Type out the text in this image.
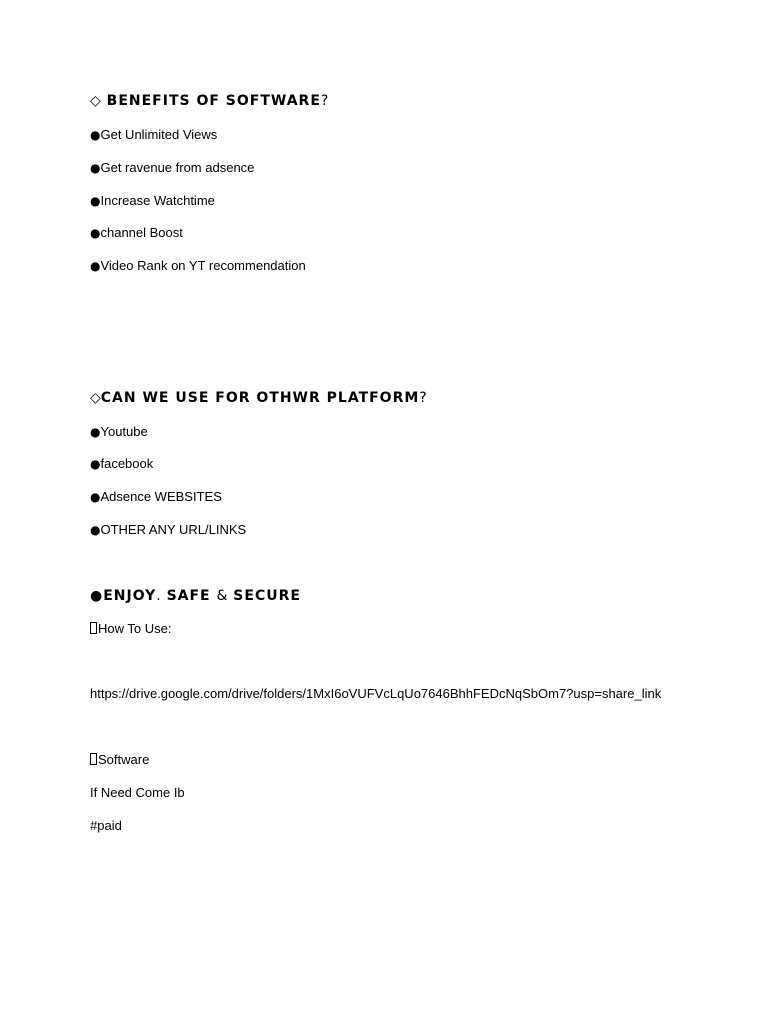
◇ BENEFITS OF SOFTWARE?
●Get Unlimited Views
●Get ravenue from adsence
●Increase Watchtime
●channel Boost
●Video Rank on YT recommendation
◇CAN WE USE FOR OTHWR PLATFORM?
●Youtube
●facebook
●Adsence WEBSITES
●OTHER ANY URL/LINKS
●ENJOY. SAFE & SECURE
How To Use:
https://drive.google.com/drive/folders/1MxI6oVUFVcLqUo7646BhhFEDcNqSbOm7?usp=share_link
Software
If Need Come Ib
#paid
